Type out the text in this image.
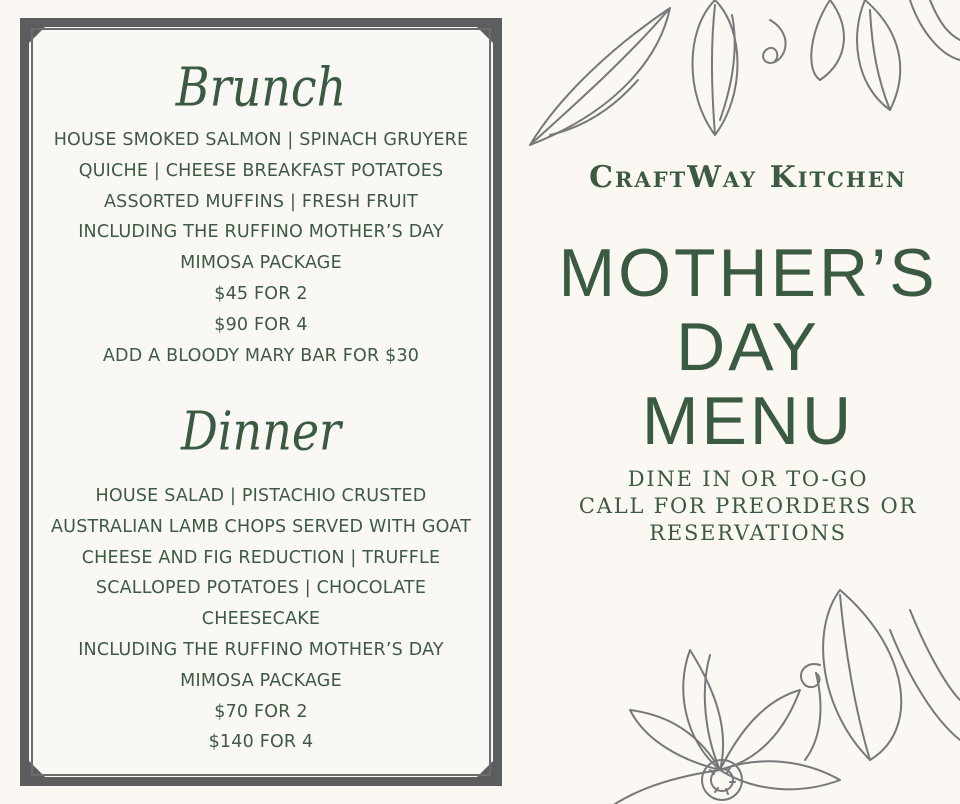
Brunch
HOUSE SMOKED SALMON | SPINACH GRUYERE
QUICHE | CHEESE BREAKFAST POTATOES
ASSORTED MUFFINS | FRESH FRUIT
INCLUDING THE RUFFINO MOTHER’S DAY
MIMOSA PACKAGE
$45 FOR 2
$90 FOR 4
ADD A BLOODY MARY BAR FOR $30
Dinner
HOUSE SALAD | PISTACHIO CRUSTED
AUSTRALIAN LAMB CHOPS SERVED WITH GOAT
CHEESE AND FIG REDUCTION | TRUFFLE
SCALLOPED POTATOES | CHOCOLATE
CHEESECAKE
INCLUDING THE RUFFINO MOTHER’S DAY
MIMOSA PACKAGE
$70 FOR 2
$140 FOR 4
CraftWay Kitchen
MOTHER’S
DAY
MENU
DINE IN OR TO-GO
CALL FOR PREORDERS OR
RESERVATIONS
